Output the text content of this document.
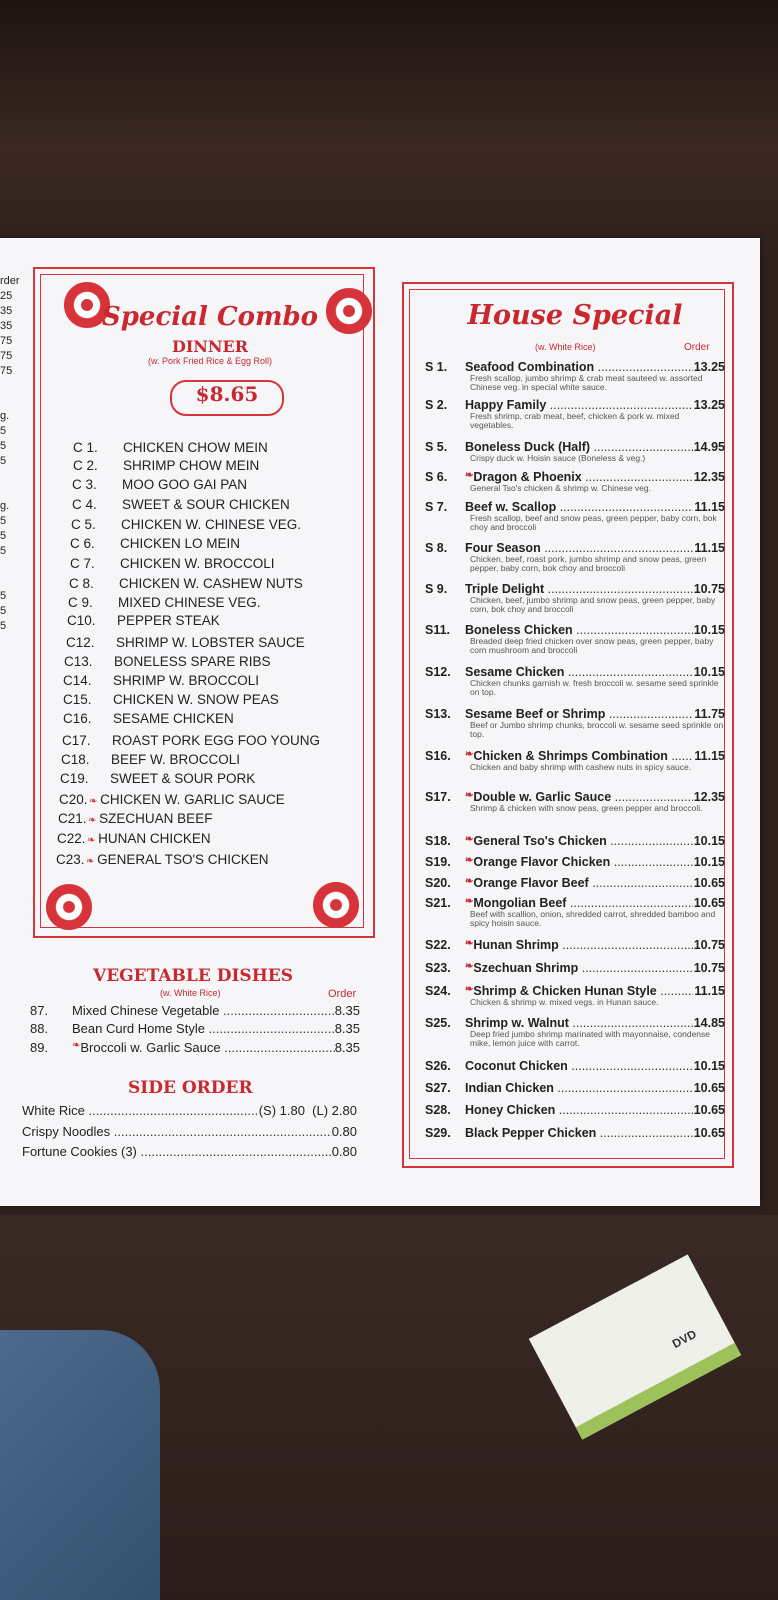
DVD
rder
25
35
35
75
75
75
g.
5
5
5
g.
5
5
5
5
5
5
Special Combo
DINNER
(w. Pork Fried Rice & Egg Roll)
$8.65
C 1. CHICKEN CHOW MEIN
C 2. SHRIMP CHOW MEIN
C 3. MOO GOO GAI PAN
C 4. SWEET & SOUR CHICKEN
C 5. CHICKEN W. CHINESE VEG.
C 6. CHICKEN LO MEIN
C 7. CHICKEN W. BROCCOLI
C 8. CHICKEN W. CASHEW NUTS
C 9. MIXED CHINESE VEG.
C10. PEPPER STEAK
C12. SHRIMP W. LOBSTER SAUCE
C13. BONELESS SPARE RIBS
C14. SHRIMP W. BROCCOLI
C15. CHICKEN W. SNOW PEAS
C16. SESAME CHICKEN
C17. ROAST PORK EGG FOO YOUNG
C18. BEEF W. BROCCOLI
C19. SWEET & SOUR PORK
C20.❧ CHICKEN W. GARLIC SAUCE
C21.❧ SZECHUAN BEEF
C22.❧ HUNAN CHICKEN
C23.❧ GENERAL TSO'S CHICKEN
VEGETABLE DISHES
(w. White Rice)	Order
87.	Mixed Chinese Vegetable .....	8.35
88.	Bean Curd Home Style .....	8.35
89.	❧ Broccoli w. Garlic Sauce .....	8.35
SIDE ORDER
White Rice .....	(S) 1.80  (L) 2.80
Crispy Noodles .....	0.80
Fortune Cookies (3) .....	0.80
House Special
(w. White Rice)	Order
S 1.	Seafood Combination .....	13.25
Fresh scallop, jumbo shrimp & crab meat sauteed w. assorted Chinese veg. in special white sauce.
S 2.	Happy Family .....	13.25
Fresh shrimp, crab meat, beef, chicken & pork w. mixed vegetables.
S 5.	Boneless Duck (Half) .....	14.95
Crispy duck w. Hoisin sauce (Boneless & veg.)
S 6.	❧ Dragon & Phoenix .....	12.35
General Tso's chicken & shrimp w. Chinese veg.
S 7.	Beef w. Scallop .....	11.15
Fresh scallop, beef and snow peas, green pepper, baby corn, bok choy and broccoli
S 8.	Four Season .....	11.15
Chicken, beef, roast pork, jumbo shrimp and snow peas, green pepper, baby corn, bok choy and broccoli
S 9.	Triple Delight .....	10.75
Chicken, beef, jumbo shrimp and snow peas, green pepper, baby corn, bok choy and broccoli
S11.	Boneless Chicken .....	10.15
Breaded deep fried chicken over snow peas, green pepper, baby corn mushroom and broccoli
S12.	Sesame Chicken .....	10.15
Chicken chunks garnish w. fresh broccoli w. sesame seed sprinkle on top.
S13.	Sesame Beef or Shrimp .....	11.75
Beef or Jumbo shrimp chunks, broccoli w. sesame seed sprinkle on top.
S16.	❧ Chicken & Shrimps Combination .....	11.15
Chicken and baby shrimp with cashew nuts in spicy sauce.
S17.	❧ Double w. Garlic Sauce .....	12.35
Shrimp & chicken with snow peas, green pepper and broccoli.
S18.	❧ General Tso's Chicken .....	10.15
S19.	❧ Orange Flavor Chicken .....	10.15
S20.	❧ Orange Flavor Beef .....	10.65
S21.	❧ Mongolian Beef .....	10.65
Beef with scallion, onion, shredded carrot, shredded bamboo and spicy hoisin sauce.
S22.	❧ Hunan Shrimp .....	10.75
S23.	❧ Szechuan Shrimp .....	10.75
S24.	❧ Shrimp & Chicken Hunan Style .....	11.15
Chicken & shrimp w. mixed vegs. in Hunan sauce.
S25.	Shrimp w. Walnut .....	14.85
Deep fried jumbo shrimp marinated with mayonnaise, condense mike, lemon juice with carrot.
S26.	Coconut Chicken .....	10.15
S27.	Indian Chicken .....	10.65
S28.	Honey Chicken .....	10.65
S29.	Black Pepper Chicken .....	10.65
